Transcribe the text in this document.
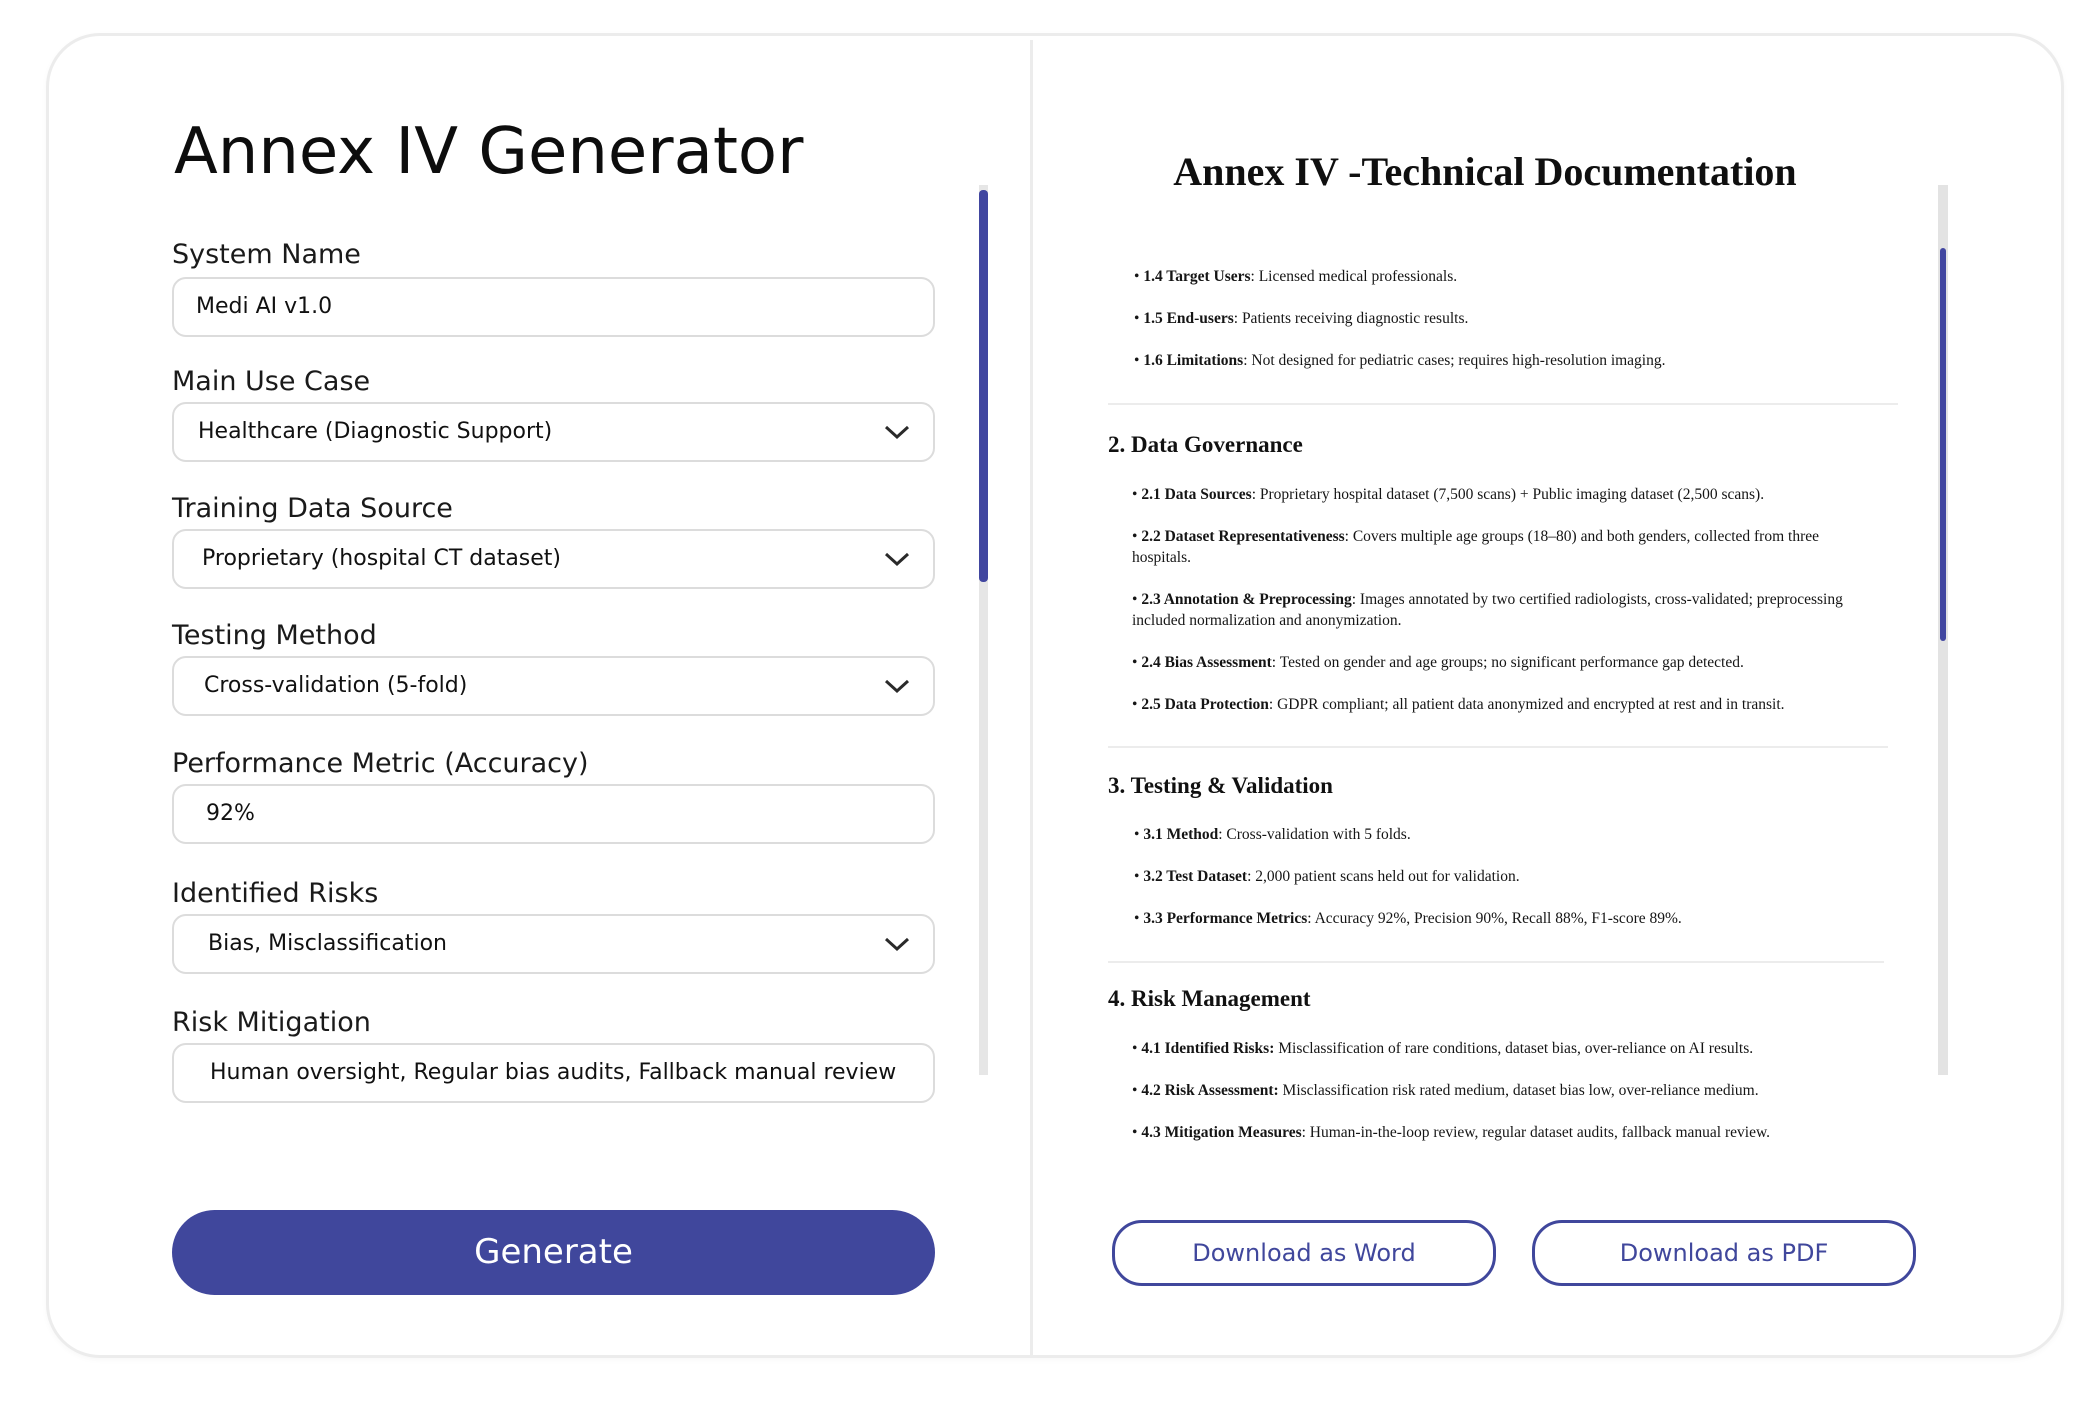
Annex IV Generator
System Name
Medi AI v1.0
Main Use Case
Healthcare (Diagnostic Support)
Training Data Source
Proprietary (hospital CT dataset)
Testing Method
Cross-validation (5-fold)
Performance Metric (Accuracy)
92%
Identified Risks
Bias, Misclassification
Risk Mitigation
Human oversight, Regular bias audits, Fallback manual review
Generate
Annex IV -Technical Documentation
• 1.4 Target Users: Licensed medical professionals.
• 1.5 End-users: Patients receiving diagnostic results.
• 1.6 Limitations: Not designed for pediatric cases; requires high-resolution imaging.
2. Data Governance
• 2.1 Data Sources: Proprietary hospital dataset (7,500 scans) + Public imaging dataset (2,500 scans).
• 2.2 Dataset Representativeness: Covers multiple age groups (18–80) and both genders, collected from three hospitals.
• 2.3 Annotation & Preprocessing: Images annotated by two certified radiologists, cross-validated; preprocessing included normalization and anonymization.
• 2.4 Bias Assessment: Tested on gender and age groups; no significant performance gap detected.
• 2.5 Data Protection: GDPR compliant; all patient data anonymized and encrypted at rest and in transit.
3. Testing & Validation
• 3.1 Method: Cross-validation with 5 folds.
• 3.2 Test Dataset: 2,000 patient scans held out for validation.
• 3.3 Performance Metrics: Accuracy 92%, Precision 90%, Recall 88%, F1-score 89%.
4. Risk Management
• 4.1 Identified Risks: Misclassification of rare conditions, dataset bias, over-reliance on AI results.
• 4.2 Risk Assessment: Misclassification risk rated medium, dataset bias low, over-reliance medium.
• 4.3 Mitigation Measures: Human-in-the-loop review, regular dataset audits, fallback manual review.
Download as Word	Download as PDF
